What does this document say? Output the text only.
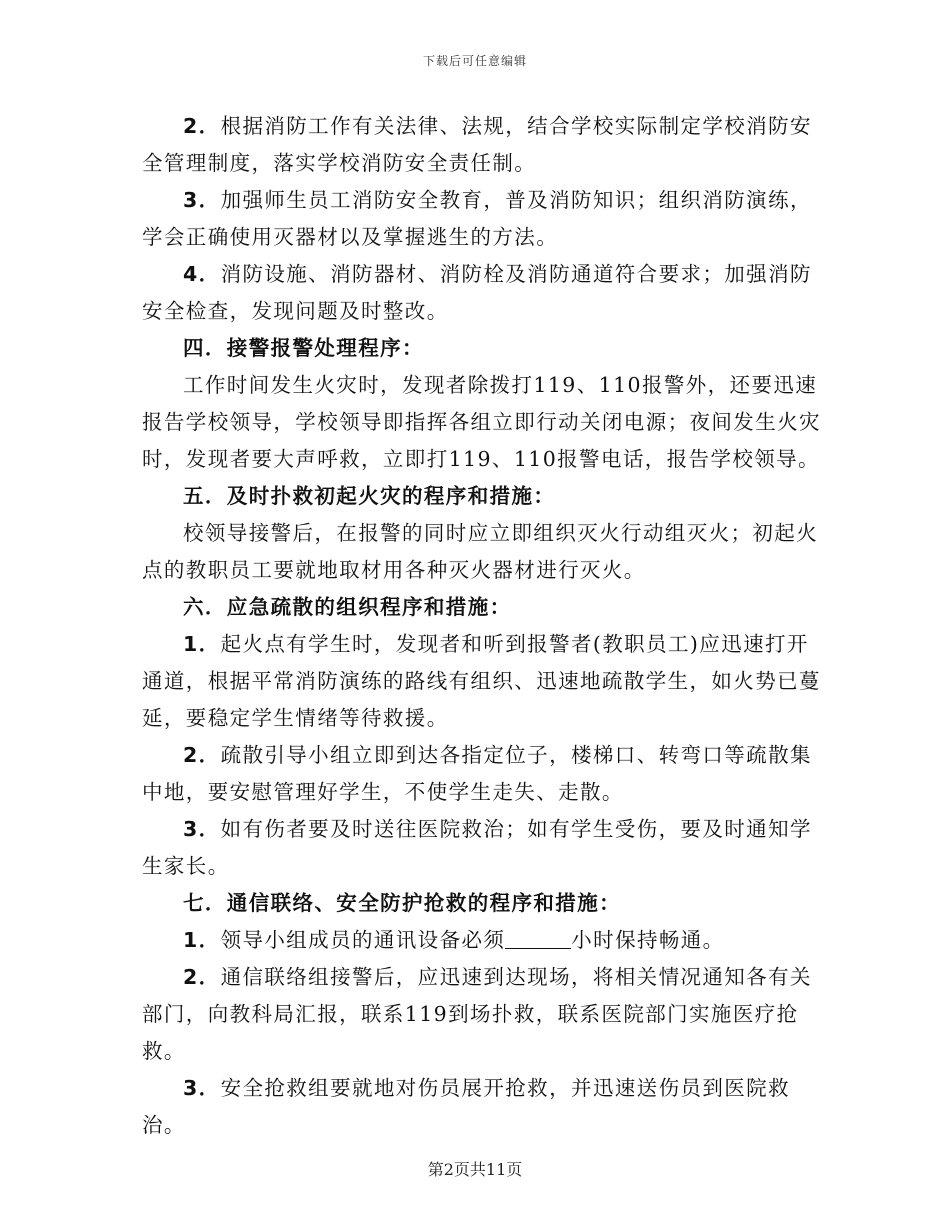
下载后可任意编辑

2．根据消防工作有关法律、法规，结合学校实际制定学校消防安全管理制度，落实学校消防安全责任制。

3．加强师生员工消防安全教育，普及消防知识；组织消防演练，学会正确使用灭器材以及掌握逃生的方法。

4．消防设施、消防器材、消防栓及消防通道符合要求；加强消防安全检查，发现问题及时整改。

四．接警报警处理程序：

工作时间发生火灾时，发现者除拨打119、110报警外，还要迅速报告学校领导，学校领导即指挥各组立即行动关闭电源；夜间发生火灾时，发现者要大声呼救，立即打119、110报警电话，报告学校领导。

五．及时扑救初起火灾的程序和措施：

校领导接警后，在报警的同时应立即组织灭火行动组灭火；初起火点的教职员工要就地取材用各种灭火器材进行灭火。

六．应急疏散的组织程序和措施：

1．起火点有学生时，发现者和听到报警者(教职员工)应迅速打开通道，根据平常消防演练的路线有组织、迅速地疏散学生，如火势已蔓延，要稳定学生情绪等待救援。

2．疏散引导小组立即到达各指定位子，楼梯口、转弯口等疏散集中地，要安慰管理好学生，不使学生走失、走散。

3．如有伤者要及时送往医院救治；如有学生受伤，要及时通知学生家长。

七．通信联络、安全防护抢救的程序和措施：

1．领导小组成员的通讯设备必须	小时保持畅通。

2．通信联络组接警后，应迅速到达现场，将相关情况通知各有关部门，向教科局汇报，联系119到场扑救，联系医院部门实施医疗抢救。

3．安全抢救组要就地对伤员展开抢救，并迅速送伤员到医院救治。

第2页共11页
